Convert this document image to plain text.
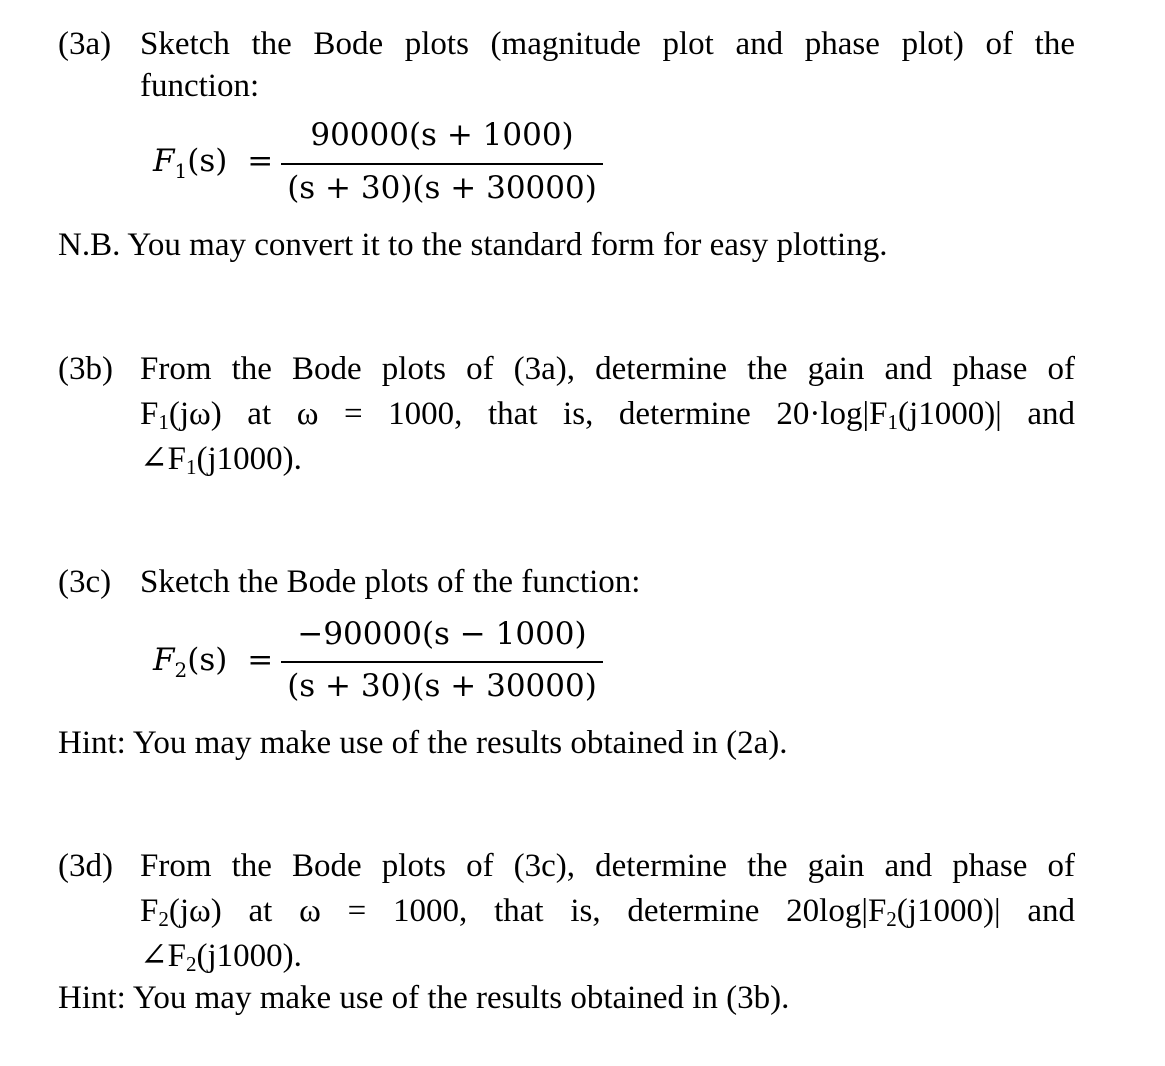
(3a) Sketch the Bode plots (magnitude plot and phase plot) of the
function:
$F_1(s)$ =
90000(s + 1000)
(s + 30)(s + 30000)
N.B. You may convert it to the standard form for easy plotting.
(3b) From the Bode plots of (3a), determine the gain and phase of
F1(jω) at ω = 1000, that is, determine 20·log|F1(j1000)| and
∠F1(j1000).
(3c) Sketch the Bode plots of the function:
$F_2(s)$ =
−90000(s − 1000)
(s + 30)(s + 30000)
Hint: You may make use of the results obtained in (2a).
(3d) From the Bode plots of (3c), determine the gain and phase of
F2(jω) at ω = 1000, that is, determine 20log|F2(j1000)| and
∠F2(j1000).
Hint: You may make use of the results obtained in (3b).
